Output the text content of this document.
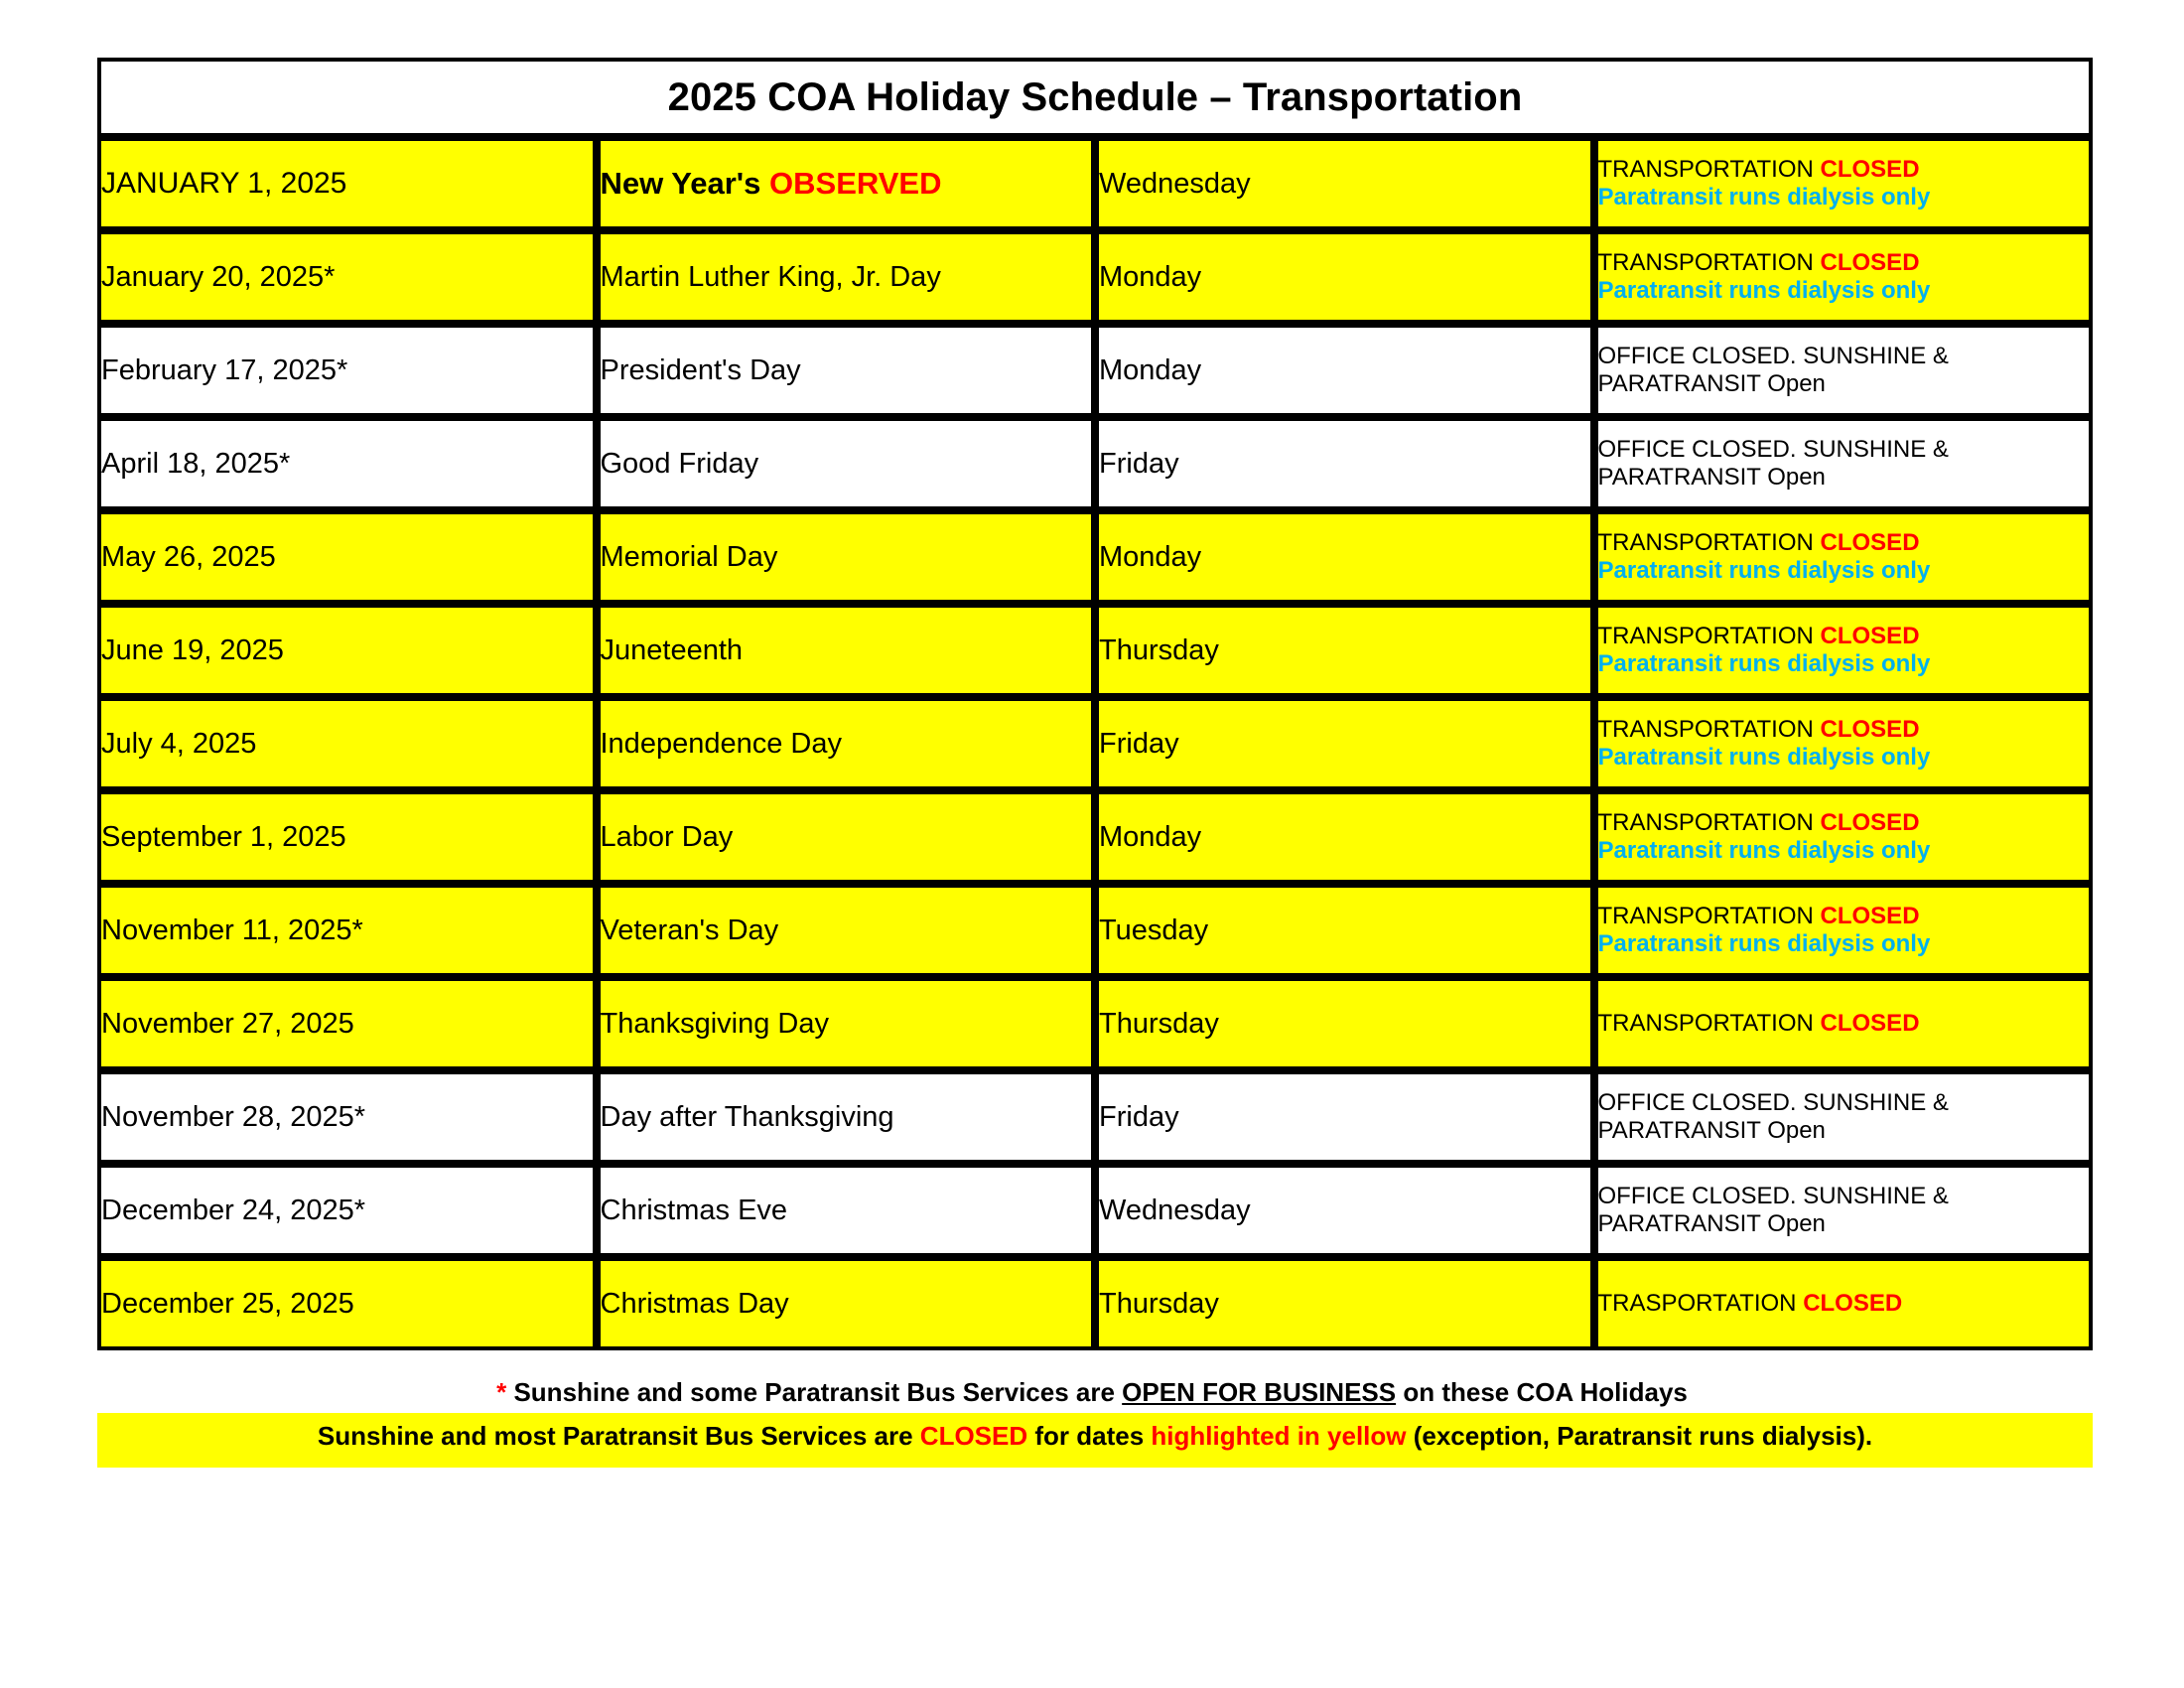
2025 COA Holiday Schedule – Transportation			
JANUARY 1, 2025	New Year's OBSERVED	Wednesday	TRANSPORTATION CLOSED
Paratransit runs dialysis only

January 20, 2025*	Martin Luther King, Jr. Day	Monday	TRANSPORTATION CLOSED
Paratransit runs dialysis only

February 17, 2025*	President's Day	Monday	OFFICE CLOSED. SUNSHINE &
PARATRANSIT Open

April 18, 2025*	Good Friday	Friday	OFFICE CLOSED. SUNSHINE &
PARATRANSIT Open

May 26, 2025	Memorial Day	Monday	TRANSPORTATION CLOSED
Paratransit runs dialysis only

June 19, 2025	Juneteenth	Thursday	TRANSPORTATION CLOSED
Paratransit runs dialysis only

July 4, 2025	Independence Day	Friday	TRANSPORTATION CLOSED
Paratransit runs dialysis only

September 1, 2025	Labor Day	Monday	TRANSPORTATION CLOSED
Paratransit runs dialysis only

November 11, 2025*	Veteran's Day	Tuesday	TRANSPORTATION CLOSED
Paratransit runs dialysis only

November 27, 2025	Thanksgiving Day	Thursday	TRANSPORTATION CLOSED

November 28, 2025*	Day after Thanksgiving	Friday	OFFICE CLOSED. SUNSHINE &
PARATRANSIT Open

December 24, 2025*	Christmas Eve	Wednesday	OFFICE CLOSED. SUNSHINE &
PARATRANSIT Open

December 25, 2025	Christmas Day	Thursday	TRASPORTATION CLOSED
* Sunshine and some Paratransit Bus Services are OPEN FOR BUSINESS on these COA Holidays
Sunshine and most Paratransit Bus Services are CLOSED for dates highlighted in yellow (exception, Paratransit runs dialysis).
